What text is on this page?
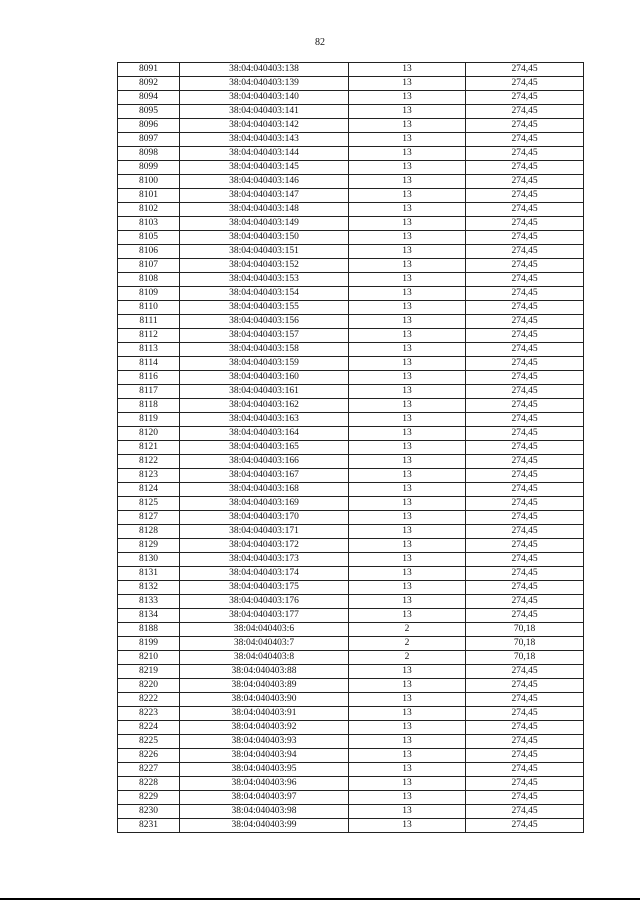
82
8091	38:04:040403:138	13	274,45
8092	38:04:040403:139	13	274,45
8094	38:04:040403:140	13	274,45
8095	38:04:040403:141	13	274,45
8096	38:04:040403:142	13	274,45
8097	38:04:040403:143	13	274,45
8098	38:04:040403:144	13	274,45
8099	38:04:040403:145	13	274,45
8100	38:04:040403:146	13	274,45
8101	38:04:040403:147	13	274,45
8102	38:04:040403:148	13	274,45
8103	38:04:040403:149	13	274,45
8105	38:04:040403:150	13	274,45
8106	38:04:040403:151	13	274,45
8107	38:04:040403:152	13	274,45
8108	38:04:040403:153	13	274,45
8109	38:04:040403:154	13	274,45
8110	38:04:040403:155	13	274,45
8111	38:04:040403:156	13	274,45
8112	38:04:040403:157	13	274,45
8113	38:04:040403:158	13	274,45
8114	38:04:040403:159	13	274,45
8116	38:04:040403:160	13	274,45
8117	38:04:040403:161	13	274,45
8118	38:04:040403:162	13	274,45
8119	38:04:040403:163	13	274,45
8120	38:04:040403:164	13	274,45
8121	38:04:040403:165	13	274,45
8122	38:04:040403:166	13	274,45
8123	38:04:040403:167	13	274,45
8124	38:04:040403:168	13	274,45
8125	38:04:040403:169	13	274,45
8127	38:04:040403:170	13	274,45
8128	38:04:040403:171	13	274,45
8129	38:04:040403:172	13	274,45
8130	38:04:040403:173	13	274,45
8131	38:04:040403:174	13	274,45
8132	38:04:040403:175	13	274,45
8133	38:04:040403:176	13	274,45
8134	38:04:040403:177	13	274,45
8188	38:04:040403:6	2	70,18
8199	38:04:040403:7	2	70,18
8210	38:04:040403:8	2	70,18
8219	38:04:040403:88	13	274,45
8220	38:04:040403:89	13	274,45
8222	38:04:040403:90	13	274,45
8223	38:04:040403:91	13	274,45
8224	38:04:040403:92	13	274,45
8225	38:04:040403:93	13	274,45
8226	38:04:040403:94	13	274,45
8227	38:04:040403:95	13	274,45
8228	38:04:040403:96	13	274,45
8229	38:04:040403:97	13	274,45
8230	38:04:040403:98	13	274,45
8231	38:04:040403:99	13	274,45
